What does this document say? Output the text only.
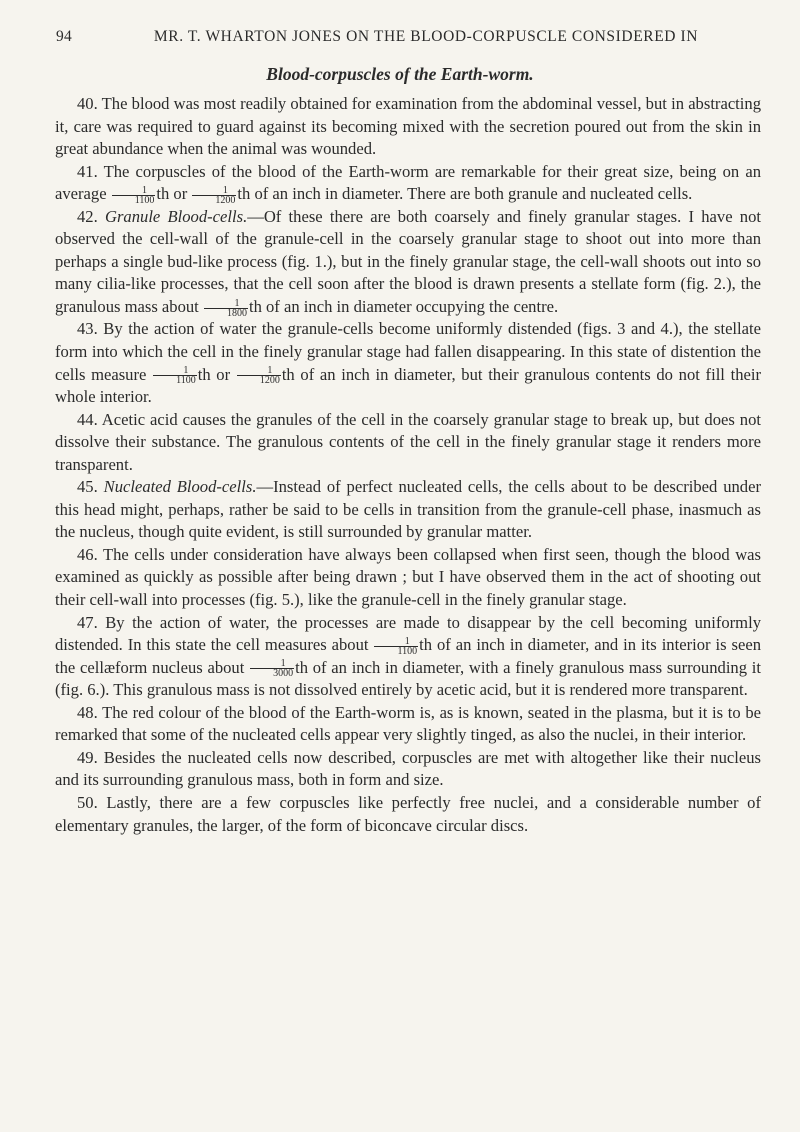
94	MR. T. WHARTON JONES ON THE BLOOD-CORPUSCLE CONSIDERED IN
Blood-corpuscles of the Earth-worm.

40. The blood was most readily obtained for examination from the abdominal vessel, but in abstracting it, care was required to guard against its becoming mixed with the secretion poured out from the skin in great abundance when the animal was wounded.

41. The corpuscles of the blood of the Earth-worm are remarkable for their great size, being on an average $\frac{1}{1100}$ th or $\frac{1}{1200}$ th of an inch in diameter. There are both granule and nucleated cells.

42. Granule Blood-cells.—Of these there are both coarsely and finely granular stages. I have not observed the cell-wall of the granule-cell in the coarsely granular stage to shoot out into more than perhaps a single bud-like process (fig. 1.), but in the finely granular stage, the cell-wall shoots out into so many cilia-like processes, that the cell soon after the blood is drawn presents a stellate form (fig. 2.), the granulous mass about $\frac{1}{1800}$ th of an inch in diameter occupying the centre.

43. By the action of water the granule-cells become uniformly distended (figs. 3 and 4.), the stellate form into which the cell in the finely granular stage had fallen disappearing. In this state of distention the cells measure $\frac{1}{1100}$ th or $\frac{1}{1200}$ th of an inch in diameter, but their granulous contents do not fill their whole interior.

44. Acetic acid causes the granules of the cell in the coarsely granular stage to break up, but does not dissolve their substance. The granulous contents of the cell in the finely granular stage it renders more transparent.

45. Nucleated Blood-cells.—Instead of perfect nucleated cells, the cells about to be described under this head might, perhaps, rather be said to be cells in transition from the granule-cell phase, inasmuch as the nucleus, though quite evident, is still surrounded by granular matter.

46. The cells under consideration have always been collapsed when first seen, though the blood was examined as quickly as possible after being drawn ; but I have observed them in the act of shooting out their cell-wall into processes (fig. 5.), like the granule-cell in the finely granular stage.

47. By the action of water, the processes are made to disappear by the cell becoming uniformly distended. In this state the cell measures about $\frac{1}{1100}$ th of an inch in diameter, and in its interior is seen the cellæform nucleus about $\frac{1}{3000}$ th of an inch in diameter, with a finely granulous mass surrounding it (fig. 6.). This granulous mass is not dissolved entirely by acetic acid, but it is rendered more transparent.

48. The red colour of the blood of the Earth-worm is, as is known, seated in the plasma, but it is to be remarked that some of the nucleated cells appear very slightly tinged, as also the nuclei, in their interior.

49. Besides the nucleated cells now described, corpuscles are met with altogether like their nucleus and its surrounding granulous mass, both in form and size.

50. Lastly, there are a few corpuscles like perfectly free nuclei, and a considerable number of elementary granules, the larger, of the form of biconcave circular discs.
